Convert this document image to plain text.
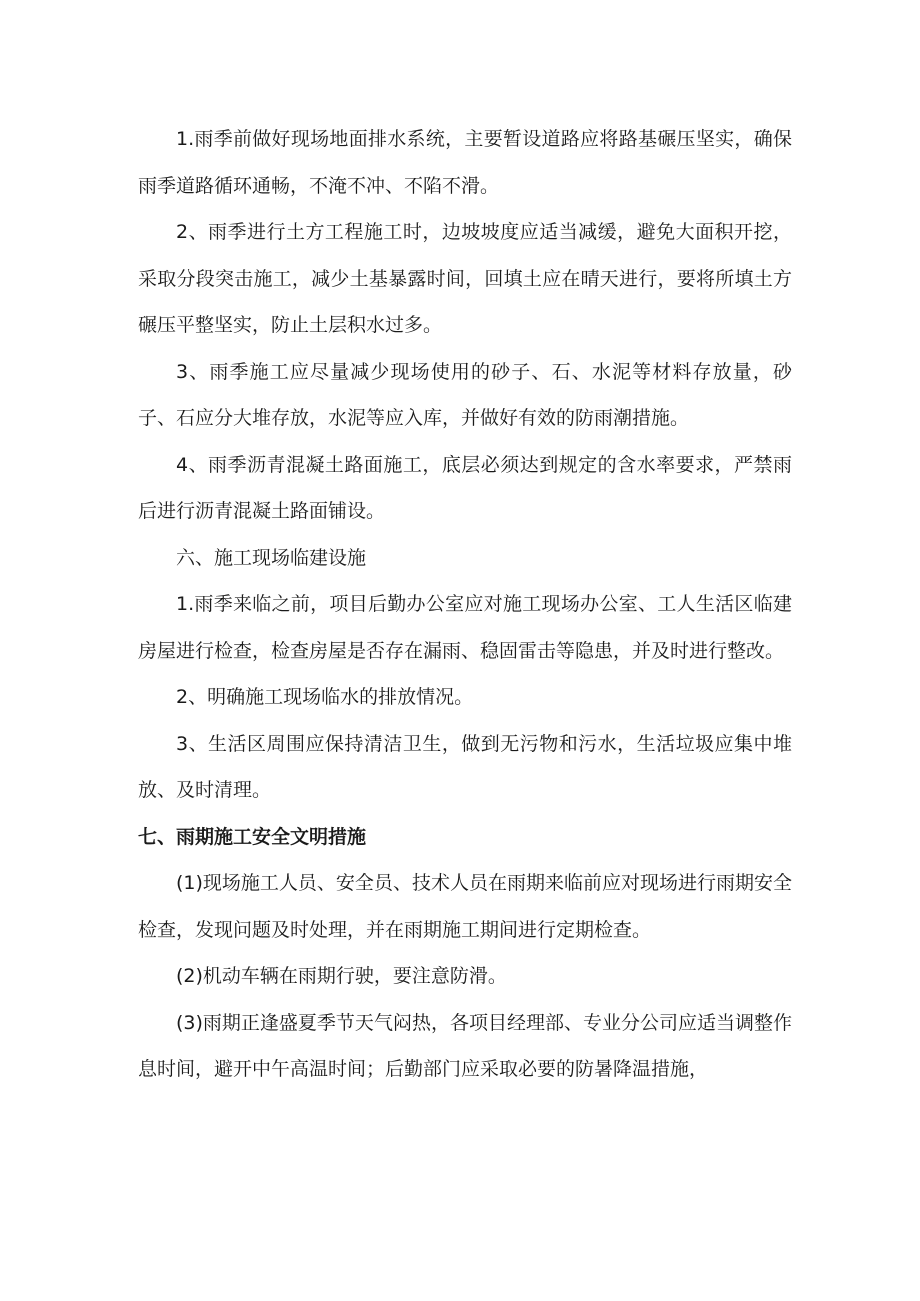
1.雨季前做好现场地面排水系统，主要暂设道路应将路基碾压坚实，确保雨季道路循环通畅，不淹不冲、不陷不滑。

2、雨季进行土方工程施工时，边坡坡度应适当减缓，避免大面积开挖，采取分段突击施工，减少土基暴露时间，回填土应在晴天进行，要将所填土方碾压平整坚实，防止土层积水过多。

3、雨季施工应尽量减少现场使用的砂子、石、水泥等材料存放量，砂子、石应分大堆存放，水泥等应入库，并做好有效的防雨潮措施。

4、雨季沥青混凝土路面施工，底层必须达到规定的含水率要求，严禁雨后进行沥青混凝土路面铺设。

六、施工现场临建设施

1.雨季来临之前，项目后勤办公室应对施工现场办公室、工人生活区临建房屋进行检查，检查房屋是否存在漏雨、稳固雷击等隐患，并及时进行整改。

2、明确施工现场临水的排放情况。

3、生活区周围应保持清洁卫生，做到无污物和污水，生活垃圾应集中堆放、及时清理。

七、雨期施工安全文明措施

(1)现场施工人员、安全员、技术人员在雨期来临前应对现场进行雨期安全检查，发现问题及时处理，并在雨期施工期间进行定期检查。

(2)机动车辆在雨期行驶，要注意防滑。

(3)雨期正逢盛夏季节天气闷热，各项目经理部、专业分公司应适当调整作息时间，避开中午高温时间；后勤部门应采取必要的防暑降温措施，
